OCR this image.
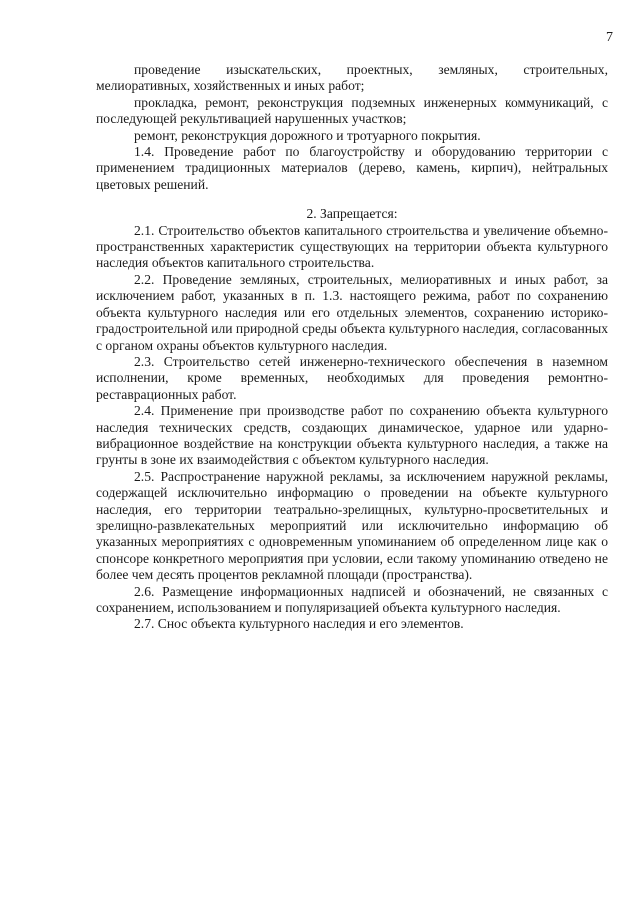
7

проведение изыскательских, проектных, земляных, строительных, мелиоративных, хозяйственных и иных работ;

прокладка, ремонт, реконструкция подземных инженерных коммуникаций, с последующей рекультивацией нарушенных участков;

ремонт, реконструкция дорожного и тротуарного покрытия.

1.4. Проведение работ по благоустройству и оборудованию территории с применением традиционных материалов (дерево, камень, кирпич), нейтральных цветовых решений.

2. Запрещается:

2.1. Строительство объектов капитального строительства и увеличение объемно-пространственных характеристик существующих на территории объекта культурного наследия объектов капитального строительства.

2.2. Проведение земляных, строительных, мелиоративных и иных работ, за исключением работ, указанных в п. 1.3. настоящего режима, работ по сохранению объекта культурного наследия или его отдельных элементов, сохранению историко-градостроительной или природной среды объекта культурного наследия, согласованных с органом охраны объектов культурного наследия.

2.3. Строительство сетей инженерно-технического обеспечения в наземном исполнении, кроме временных, необходимых для проведения ремонтно-реставрационных работ.

2.4. Применение при производстве работ по сохранению объекта культурного наследия технических средств, создающих динамическое, ударное или ударно-вибрационное воздействие на конструкции объекта культурного наследия, а также на грунты в зоне их взаимодействия с объектом культурного наследия.

2.5. Распространение наружной рекламы, за исключением наружной рекламы, содержащей исключительно информацию о проведении на объекте культурного наследия, его территории театрально-зрелищных, культурно-просветительных и зрелищно-развлекательных мероприятий или исключительно информацию об указанных мероприятиях с одновременным упоминанием об определенном лице как о спонсоре конкретного мероприятия при условии, если такому упоминанию отведено не более чем десять процентов рекламной площади (пространства).

2.6. Размещение информационных надписей и обозначений, не связанных с сохранением, использованием и популяризацией объекта культурного наследия.

2.7. Снос объекта культурного наследия и его элементов.
